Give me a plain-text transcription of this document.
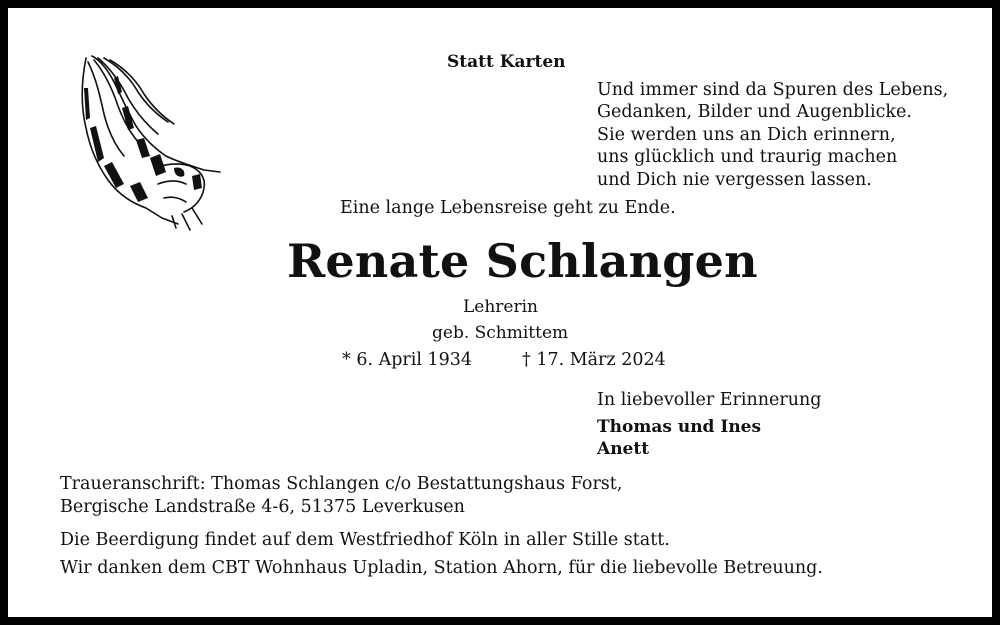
Statt Karten
Und immer sind da Spuren des Lebens,
Gedanken, Bilder und Augenblicke.
Sie werden uns an Dich erinnern,
uns glücklich und traurig machen
und Dich nie vergessen lassen.
Eine lange Lebensreise geht zu Ende.
Renate Schlangen
Lehrerin
geb. Schmittem
* 6. April 1934	† 17. März 2024
In liebevoller Erinnerung
Thomas und Ines
Anett
Traueranschrift: Thomas Schlangen c/o Bestattungshaus Forst,
Bergische Landstraße 4-6, 51375 Leverkusen
Die Beerdigung findet auf dem Westfriedhof Köln in aller Stille statt.
Wir danken dem CBT Wohnhaus Upladin, Station Ahorn, für die liebevolle Betreuung.
